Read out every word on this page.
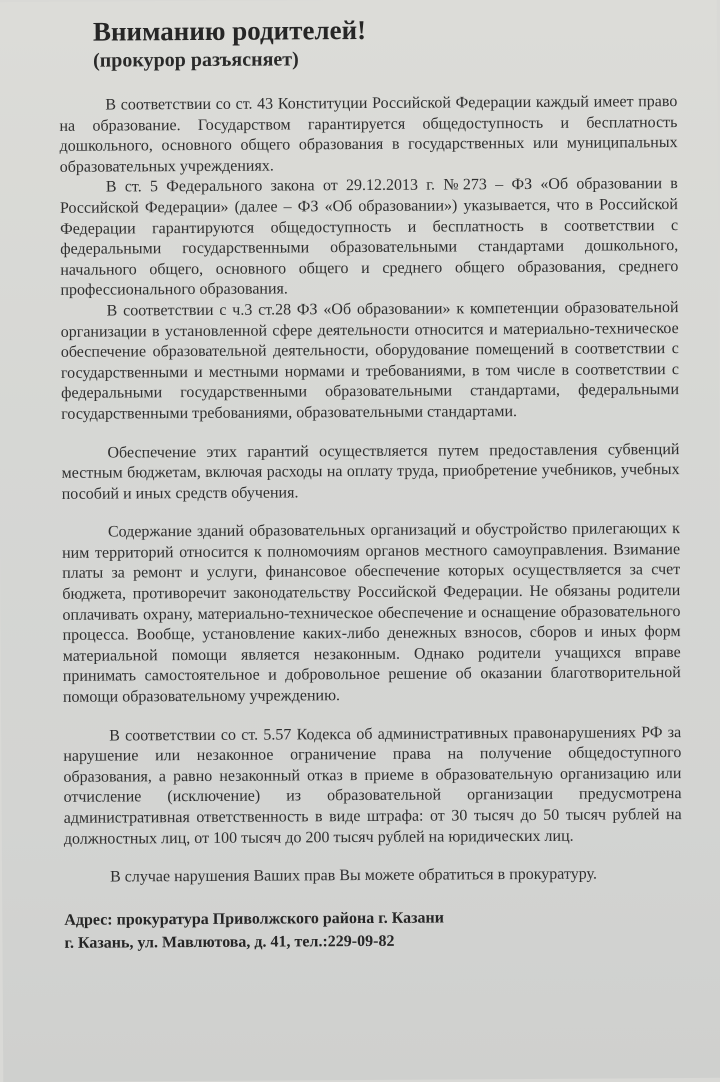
Вниманию родителей!
(прокурор разъясняет)

В соответствии со ст. 43 Конституции Российской Федерации каждый имеет право на образование. Государством гарантируется общедоступность и бесплатность дошкольного, основного общего образования в государственных или муниципальных образовательных учреждениях.

В ст. 5 Федерального закона от 29.12.2013 г. №273 – ФЗ «Об образовании в Российской Федерации» (далее – ФЗ «Об образовании») указывается, что в Российской Федерации гарантируются общедоступность и бесплатность в соответствии с федеральными государственными образовательными стандартами дошкольного, начального общего, основного общего и среднего общего образования, среднего профессионального образования.

В соответствии с ч.3 ст.28 ФЗ «Об образовании» к компетенции образовательной организации в установленной сфере деятельности относится и материально-техническое обеспечение образовательной деятельности, оборудование помещений в соответствии с государственными и местными нормами и требованиями, в том числе в соответствии с федеральными государственными образовательными стандартами, федеральными государственными требованиями, образовательными стандартами.

Обеспечение этих гарантий осуществляется путем предоставления субвенций местным бюджетам, включая расходы на оплату труда, приобретение учебников, учебных пособий и иных средств обучения.

Содержание зданий образовательных организаций и обустройство прилегающих к ним территорий относится к полномочиям органов местного самоуправления. Взимание платы за ремонт и услуги, финансовое обеспечение которых осуществляется за счет бюджета, противоречит законодательству Российской Федерации. Не обязаны родители оплачивать охрану, материально-техническое обеспечение и оснащение образовательного процесса. Вообще, установление каких-либо денежных взносов, сборов и иных форм материальной помощи является незаконным. Однако родители учащихся вправе принимать самостоятельное и добровольное решение об оказании благотворительной помощи образовательному учреждению.

В соответствии со ст. 5.57 Кодекса об административных правонарушениях РФ за нарушение или незаконное ограничение права на получение общедоступного образования, а равно незаконный отказ в приеме в образовательную организацию или отчисление (исключение) из образовательной организации предусмотрена административная ответственность в виде штрафа: от 30 тысяч до 50 тысяч рублей на должностных лиц, от 100 тысяч до 200 тысяч рублей на юридических лиц.

В случае нарушения Ваших прав Вы можете обратиться в прокуратуру.

Адрес: прокуратура Приволжского района г. Казани
г. Казань, ул. Мавлютова, д. 41, тел.:229-09-82
